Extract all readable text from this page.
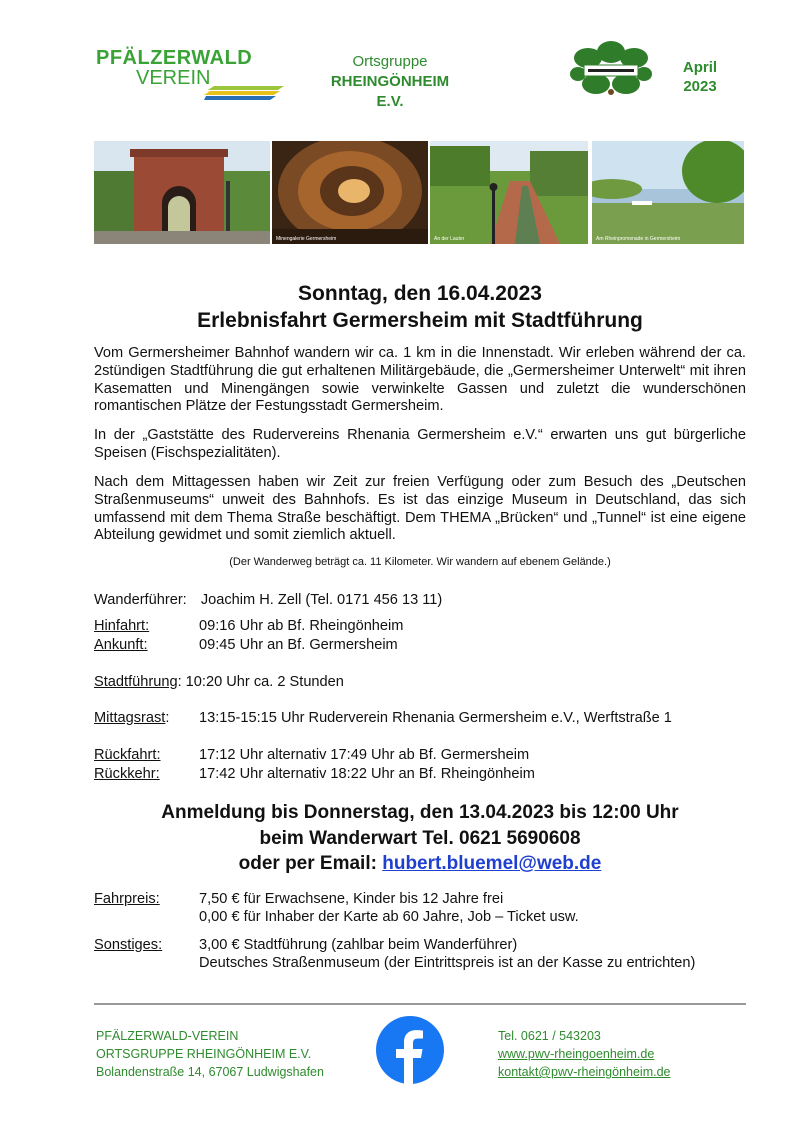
PFÄLZERWALD
VEREIN
Ortsgruppe
RHEINGÖNHEIM E.V.
April
2023
Minengalerie Germersheim	An der Lauter	Am Rheinpromenade in Germersheim
Sonntag, den 16.04.2023
Erlebnisfahrt Germersheim mit Stadtführung
Vom Germersheimer Bahnhof wandern wir ca. 1 km in die Innenstadt. Wir erleben während der ca. 2stündigen Stadtführung die gut erhaltenen Militärgebäude, die „Germersheimer Unterwelt“ mit ihren Kasematten und Minengängen sowie verwinkelte Gassen und zuletzt die wunderschönen romantischen Plätze der Festungsstadt Germersheim.
In der „Gaststätte des Rudervereins Rhenania Germersheim e.V.“ erwarten uns gut bürgerliche Speisen (Fischspezialitäten).
Nach dem Mittagessen haben wir Zeit zur freien Verfügung oder zum Besuch des „Deutschen Straßenmuseums“ unweit des Bahnhofs. Es ist das einzige Museum in Deutschland, das sich umfassend mit dem Thema Straße beschäftigt. Dem THEMA „Brücken“ und „Tunnel“ ist eine eigene Abteilung gewidmet und somit ziemlich aktuell.
(Der Wanderweg beträgt ca. 11 Kilometer. Wir wandern auf ebenem Gelände.)
Wanderführer: Joachim H. Zell (Tel. 0171 456 13 11)
Hinfahrt:	09:16 Uhr ab Bf. Rheingönheim
Ankunft:	09:45 Uhr an Bf. Germersheim
Stadtführung: 10:20 Uhr ca. 2 Stunden
Mittagsrast: 13:15-15:15 Uhr Ruderverein Rhenania Germersheim e.V., Werftstraße 1
Rückfahrt:	17:12 Uhr alternativ 17:49 Uhr ab Bf. Germersheim
Rückkehr:	17:42 Uhr alternativ 18:22 Uhr an Bf. Rheingönheim
Anmeldung bis Donnerstag, den 13.04.2023 bis 12:00 Uhr
beim Wanderwart Tel. 0621 5690608
oder per Email: hubert.bluemel@web.de
Fahrpreis:	7,50 € für Erwachsene, Kinder bis 12 Jahre frei
0,00 € für Inhaber der Karte ab 60 Jahre, Job – Ticket usw.
Sonstiges:	3,00 € Stadtführung (zahlbar beim Wanderführer)
Deutsches Straßenmuseum (der Eintrittspreis ist an der Kasse zu entrichten)
PFÄLZERWALD-VEREIN
ORTSGRUPPE RHEINGÖNHEIM E.V.
Bolandenstraße 14, 67067 Ludwigshafen
Tel. 0621 / 543203
www.pwv-rheingoenheim.de
kontakt@pwv-rheingönheim.de
